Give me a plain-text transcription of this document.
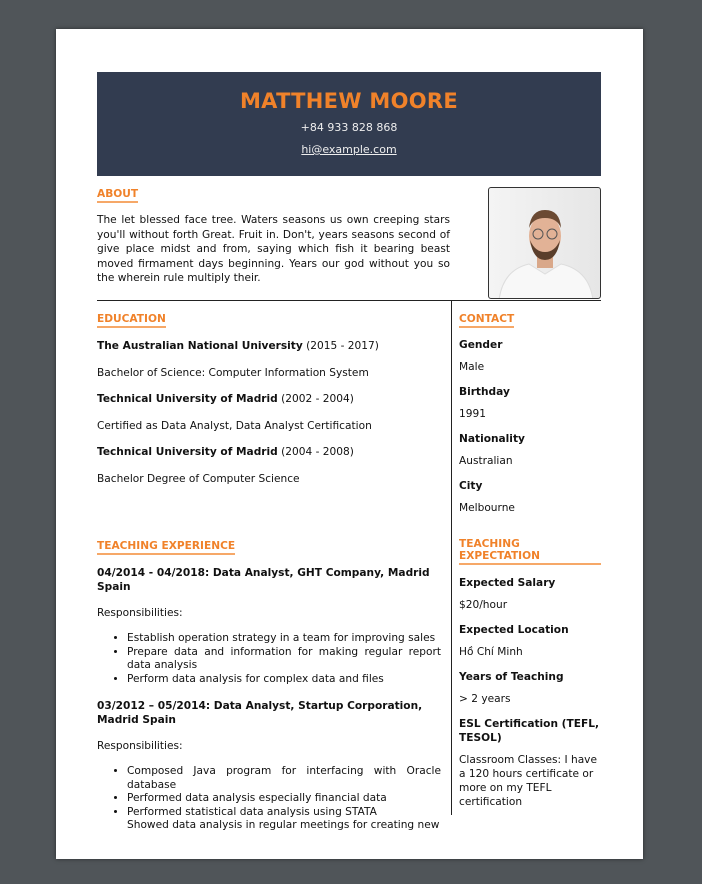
MATTHEW MOORE
+84 933 828 868
hi@example.com
ABOUT
The let blessed face tree. Waters seasons us own creeping stars you'll without forth Great. Fruit in. Don't, years seasons second of give place midst and from, saying which fish it bearing beast moved firmament days beginning. Years our god without you so the wherein rule multiply their.
EDUCATION
The Australian National University (2015 - 2017)
Bachelor of Science: Computer Information System
Technical University of Madrid (2002 - 2004)
Certified as Data Analyst, Data Analyst Certification
Technical University of Madrid (2004 - 2008)
Bachelor Degree of Computer Science
TEACHING EXPERIENCE
04/2014 - 04/2018: Data Analyst, GHT Company, Madrid Spain
Responsibilities:
• Establish operation strategy in a team for improving sales
• Prepare data and information for making regular report data analysis
• Perform data analysis for complex data and files
03/2012 – 05/2014: Data Analyst, Startup Corporation, Madrid Spain
Responsibilities:
• Composed Java program for interfacing with Oracle database
• Performed data analysis especially financial data
• Performed statistical data analysis using STATA
• Showed data analysis in regular meetings for creating new
CONTACT
Gender
Male
Birthday
1991
Nationality
Australian
City
Melbourne
TEACHING EXPECTATION
Expected Salary
$20/hour
Expected Location
Hồ Chí Minh
Years of Teaching
> 2 years
ESL Certification (TEFL, TESOL)
Classroom Classes: I have a 120 hours certificate or more on my TEFL certification
